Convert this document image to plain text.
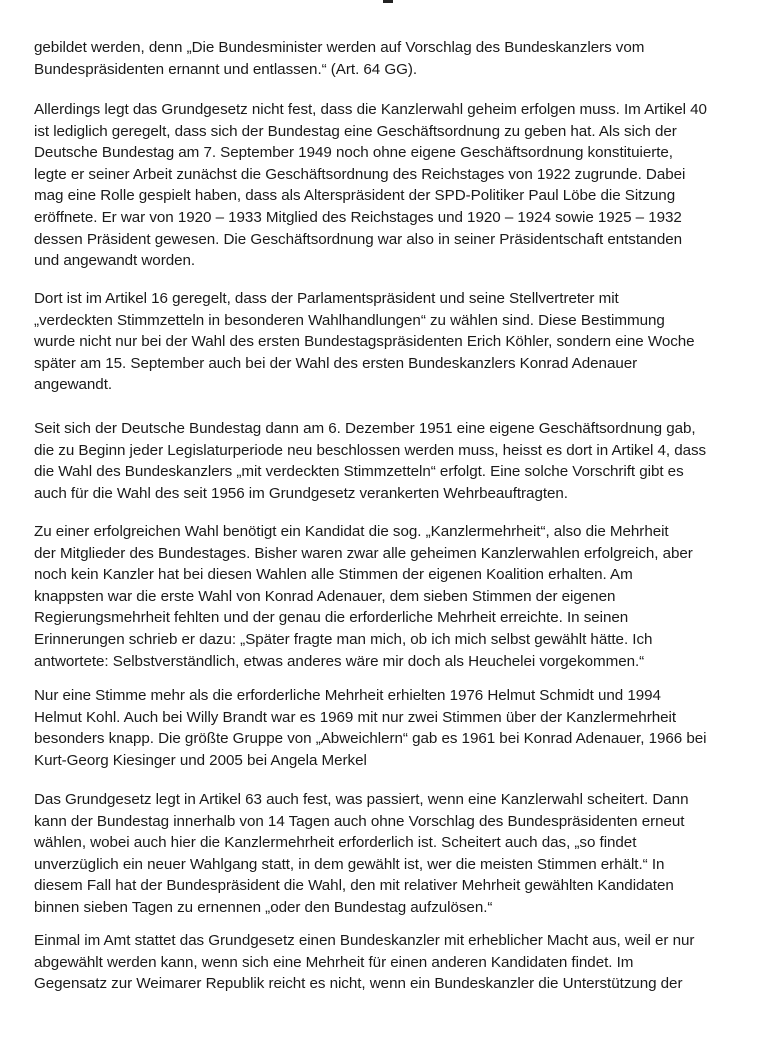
gebildet werden, denn „Die Bundesminister werden auf Vorschlag des Bundeskanzlers vom
Bundespräsidenten ernannt und entlassen.“ (Art. 64 GG).
Allerdings legt das Grundgesetz nicht fest, dass die Kanzlerwahl geheim erfolgen muss. Im Artikel 40
ist lediglich geregelt, dass sich der Bundestag eine Geschäftsordnung zu geben hat. Als sich der
Deutsche Bundestag am 7. September 1949 noch ohne eigene Geschäftsordnung konstituierte,
legte er seiner Arbeit zunächst die Geschäftsordnung des Reichstages von 1922 zugrunde. Dabei
mag eine Rolle gespielt haben, dass als Alterspräsident der SPD-Politiker Paul Löbe die Sitzung
eröffnete. Er war von 1920 – 1933 Mitglied des Reichstages und 1920 – 1924 sowie 1925 – 1932
dessen Präsident gewesen. Die Geschäftsordnung war also in seiner Präsidentschaft entstanden
und angewandt worden.
Dort ist im Artikel 16 geregelt, dass der Parlamentspräsident und seine Stellvertreter mit
„verdeckten Stimmzetteln in besonderen Wahlhandlungen“ zu wählen sind. Diese Bestimmung
wurde nicht nur bei der Wahl des ersten Bundestagspräsidenten Erich Köhler, sondern eine Woche
später am 15. September auch bei der Wahl des ersten Bundeskanzlers Konrad Adenauer
angewandt.
Seit sich der Deutsche Bundestag dann am 6. Dezember 1951 eine eigene Geschäftsordnung gab,
die zu Beginn jeder Legislaturperiode neu beschlossen werden muss, heisst es dort in Artikel 4, dass
die Wahl des Bundeskanzlers „mit verdeckten Stimmzetteln“ erfolgt. Eine solche Vorschrift gibt es
auch für die Wahl des seit 1956 im Grundgesetz verankerten Wehrbeauftragten.
Zu einer erfolgreichen Wahl benötigt ein Kandidat die sog. „Kanzlermehrheit“, also die Mehrheit
der Mitglieder des Bundestages. Bisher waren zwar alle geheimen Kanzlerwahlen erfolgreich, aber
noch kein Kanzler hat bei diesen Wahlen alle Stimmen der eigenen Koalition erhalten. Am
knappsten war die erste Wahl von Konrad Adenauer, dem sieben Stimmen der eigenen
Regierungsmehrheit fehlten und der genau die erforderliche Mehrheit erreichte. In seinen
Erinnerungen schrieb er dazu: „Später fragte man mich, ob ich mich selbst gewählt hätte. Ich
antwortete: Selbstverständlich, etwas anderes wäre mir doch als Heuchelei vorgekommen.“
Nur eine Stimme mehr als die erforderliche Mehrheit erhielten 1976 Helmut Schmidt und 1994
Helmut Kohl. Auch bei Willy Brandt war es 1969 mit nur zwei Stimmen über der Kanzlermehrheit
besonders knapp. Die größte Gruppe von „Abweichlern“ gab es 1961 bei Konrad Adenauer, 1966 bei
Kurt-Georg Kiesinger und 2005 bei Angela Merkel
Das Grundgesetz legt in Artikel 63 auch fest, was passiert, wenn eine Kanzlerwahl scheitert. Dann
kann der Bundestag innerhalb von 14 Tagen auch ohne Vorschlag des Bundespräsidenten erneut
wählen, wobei auch hier die Kanzlermehrheit erforderlich ist. Scheitert auch das, „so findet
unverzüglich ein neuer Wahlgang statt, in dem gewählt ist, wer die meisten Stimmen erhält.“ In
diesem Fall hat der Bundespräsident die Wahl, den mit relativer Mehrheit gewählten Kandidaten
binnen sieben Tagen zu ernennen „oder den Bundestag aufzulösen.“
Einmal im Amt stattet das Grundgesetz einen Bundeskanzler mit erheblicher Macht aus, weil er nur
abgewählt werden kann, wenn sich eine Mehrheit für einen anderen Kandidaten findet. Im
Gegensatz zur Weimarer Republik reicht es nicht, wenn ein Bundeskanzler die Unterstützung der
